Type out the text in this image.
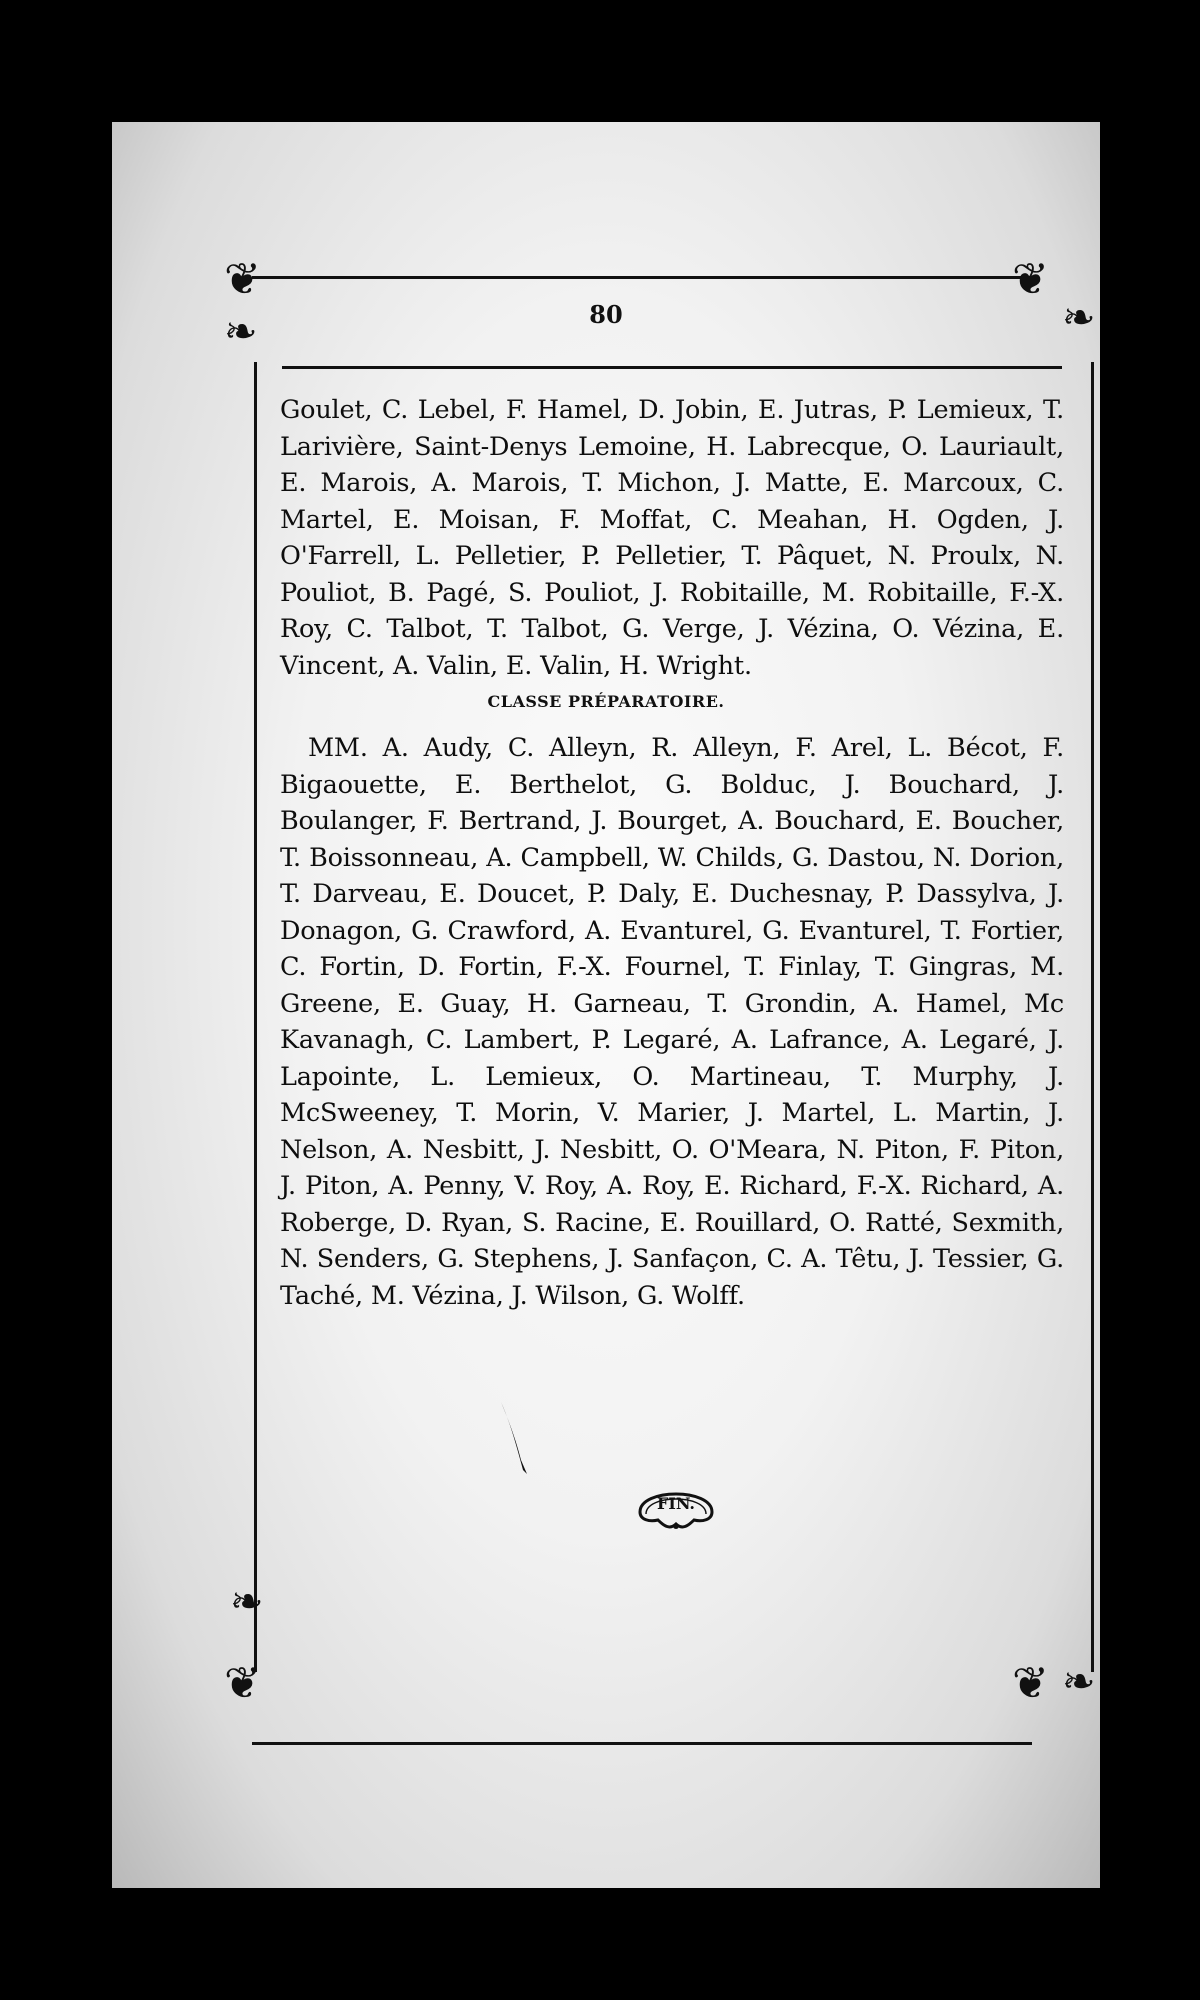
❦
❧
❦
❧
❦
❧
❦ ❧
80
Goulet, C. Lebel, F. Hamel, D. Jobin, E. Jutras, P. Lemieux, T. Larivière, Saint-Denys Lemoine, H. Labrecque, O. Lauriault, E. Marois, A. Marois, T. Michon, J. Matte, E. Marcoux, C. Martel, E. Moisan, F. Moffat, C. Meahan, H. Ogden, J. O'Farrell, L. Pelletier, P. Pelletier, T. Pâquet, N. Proulx, N. Pouliot, B. Pagé, S. Pouliot, J. Robitaille, M. Robitaille, F.-X. Roy, C. Talbot, T. Talbot, G. Verge, J. Vézina, O. Vézina, E. Vincent, A. Valin, E. Valin, H. Wright.
CLASSE PRÉPARATOIRE.
MM. A. Audy, C. Alleyn, R. Alleyn, F. Arel, L. Bécot, F. Bigaouette, E. Berthelot, G. Bolduc, J. Bouchard, J. Boulanger, F. Bertrand, J. Bourget, A. Bouchard, E. Boucher, T. Boissonneau, A. Campbell, W. Childs, G. Dastou, N. Dorion, T. Darveau, E. Doucet, P. Daly, E. Duchesnay, P. Dassylva, J. Donagon, G. Crawford, A. Evanturel, G. Evanturel, T. Fortier, C. Fortin, D. Fortin, F.-X. Fournel, T. Finlay, T. Gingras, M. Greene, E. Guay, H. Garneau, T. Grondin, A. Hamel, Mc Kavanagh, C. Lambert, P. Legaré, A. Lafrance, A. Legaré, J. Lapointe, L. Lemieux, O. Martineau, T. Murphy, J. McSweeney, T. Morin, V. Marier, J. Martel, L. Martin, J. Nelson, A. Nesbitt, J. Nesbitt, O. O'Meara, N. Piton, F. Piton, J. Piton, A. Penny, V. Roy, A. Roy, E. Richard, F.-X. Richard, A. Roberge, D. Ryan, S. Racine, E. Rouillard, O. Ratté, Sexmith, N. Senders, G. Stephens, J. Sanfaçon, C. A. Têtu, J. Tessier, G. Taché, M. Vézina, J. Wilson, G. Wolff.
FIN.
